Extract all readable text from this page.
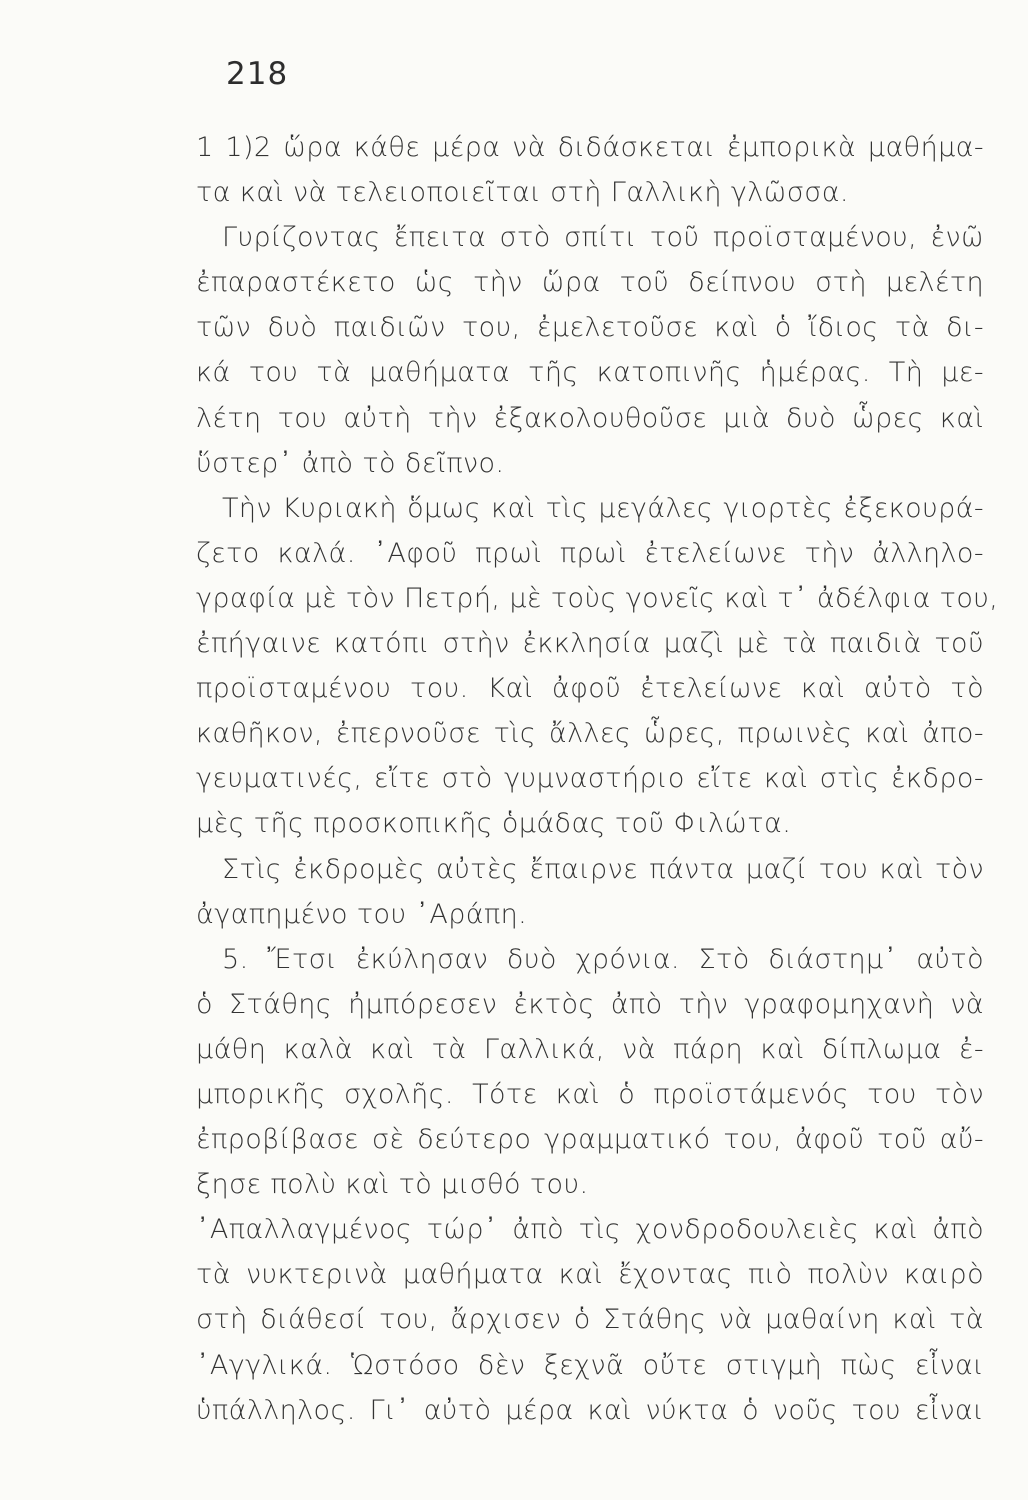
218
1 1)2 ὥρα κάθε μέρα νὰ διδάσκεται ἐμπορικὰ μαθήμα-
τα καὶ νὰ τελειοποιεῖται στὴ Γαλλικὴ γλῶσσα.
Γυρίζοντας ἔπειτα στὸ σπίτι τοῦ προϊσταμένου, ἐνῶ
ἐπαραστέκετο ὡς τὴν ὥρα τοῦ δείπνου στὴ μελέτη
τῶν δυὸ παιδιῶν του, ἐμελετοῦσε καὶ ὁ ἴδιος τὰ δι-
κά του τὰ μαθήματα τῆς κατοπινῆς ἡμέρας. Τὴ με-
λέτη του αὐτὴ τὴν ἐξακολουθοῦσε μιὰ δυὸ ὧρες καὶ
ὕστερ᾽ ἀπὸ τὸ δεῖπνο.
Τὴν Κυριακὴ ὅμως καὶ τὶς μεγάλες γιορτὲς ἐξεκουρά-
ζετο καλά. ᾽Αφοῦ πρωὶ πρωὶ ἐτελείωνε τὴν ἀλληλο-
γραφία μὲ τὸν Πετρή, μὲ τοὺς γονεῖς καὶ τ᾽ ἀδέλφια του,
ἐπήγαινε κατόπι στὴν ἐκκλησία μαζὶ μὲ τὰ παιδιὰ τοῦ
προϊσταμένου του. Καὶ ἀφοῦ ἐτελείωνε καὶ αὐτὸ τὸ
καθῆκον, ἐπερνοῦσε τὶς ἄλλες ὧρες, πρωινὲς καὶ ἀπο-
γευματινές, εἴτε στὸ γυμναστήριο εἴτε καὶ στὶς ἐκδρο-
μὲς τῆς προσκοπικῆς ὁμάδας τοῦ Φιλώτα.
Στὶς ἐκδρομὲς αὐτὲς ἔπαιρνε πάντα μαζί του καὶ τὸν
ἀγαπημένο του ᾽Αράπη.
5. Ἔτσι ἐκύλησαν δυὸ χρόνια. Στὸ διάστημ᾽ αὐτὸ
ὁ Στάθης ἠμπόρεσεν ἐκτὸς ἀπὸ τὴν γραφομηχανὴ νὰ
μάθη καλὰ καὶ τὰ Γαλλικά, νὰ πάρη καὶ δίπλωμα ἐ-
μπορικῆς σχολῆς. Τότε καὶ ὁ προϊστάμενός του τὸν
ἐπροβίβασε σὲ δεύτερο γραμματικό του, ἀφοῦ τοῦ αὔ-
ξησε πολὺ καὶ τὸ μισθό του.
᾽Απαλλαγμένος τώρ᾽ ἀπὸ τὶς χονδροδουλειὲς καὶ ἀπὸ
τὰ νυκτερινὰ μαθήματα καὶ ἔχοντας πιὸ πολὺν καιρὸ
στὴ διάθεσί του, ἄρχισεν ὁ Στάθης νὰ μαθαίνη καὶ τὰ
᾽Αγγλικά. Ὡστόσο δὲν ξεχνᾶ οὔτε στιγμὴ πὼς εἶναι
ὑπάλληλος. Γι᾽ αὐτὸ μέρα καὶ νύκτα ὁ νοῦς του εἶναι
